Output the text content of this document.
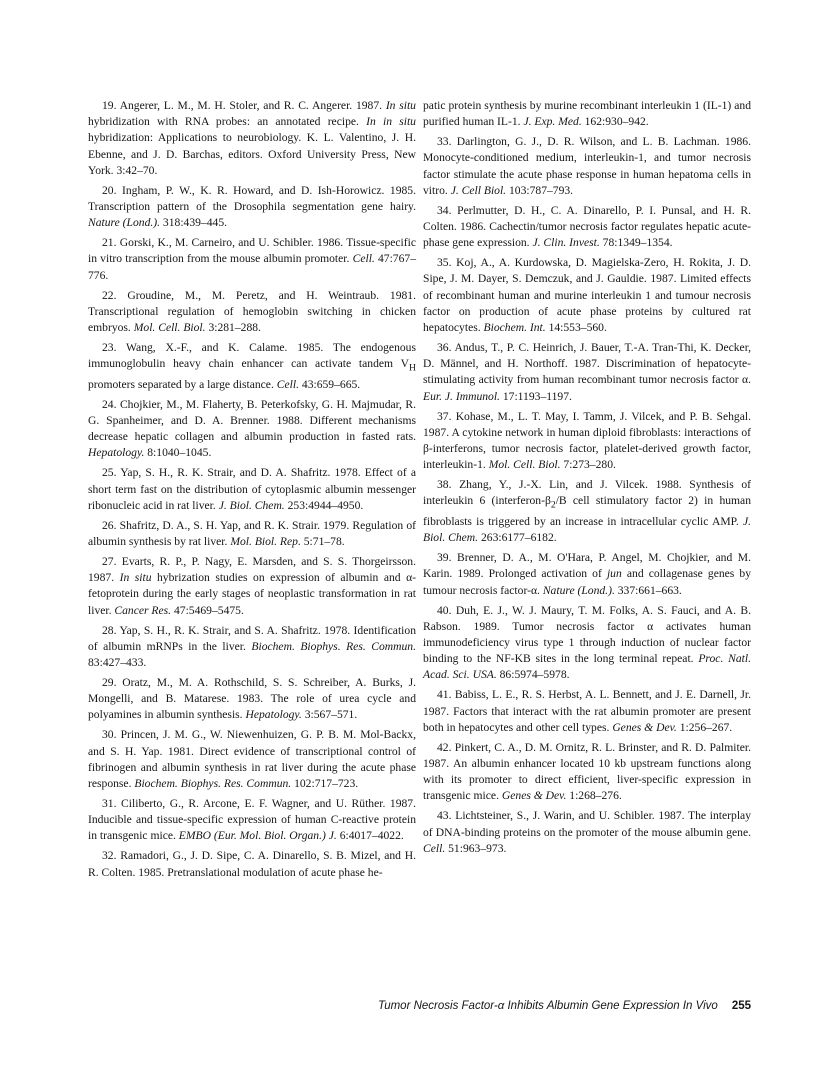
19. Angerer, L. M., M. H. Stoler, and R. C. Angerer. 1987. In situ hybridization with RNA probes: an annotated recipe. In in situ hybridization: Applications to neurobiology. K. L. Valentino, J. H. Ebenne, and J. D. Barchas, editors. Oxford University Press, New York. 3:42–70.

20. Ingham, P. W., K. R. Howard, and D. Ish-Horowicz. 1985. Transcription pattern of the Drosophila segmentation gene hairy. Nature (Lond.). 318:439–445.

21. Gorski, K., M. Carneiro, and U. Schibler. 1986. Tissue-specific in vitro transcription from the mouse albumin promoter. Cell. 47:767–776.

22. Groudine, M., M. Peretz, and H. Weintraub. 1981. Transcriptional regulation of hemoglobin switching in chicken embryos. Mol. Cell. Biol. 3:281–288.

23. Wang, X.-F., and K. Calame. 1985. The endogenous immunoglobulin heavy chain enhancer can activate tandem $V_H$ promoters separated by a large distance. Cell. 43:659–665.

24. Chojkier, M., M. Flaherty, B. Peterkofsky, G. H. Majmudar, R. G. Spanheimer, and D. A. Brenner. 1988. Different mechanisms decrease hepatic collagen and albumin production in fasted rats. Hepatology. 8:1040–1045.

25. Yap, S. H., R. K. Strair, and D. A. Shafritz. 1978. Effect of a short term fast on the distribution of cytoplasmic albumin messenger ribonucleic acid in rat liver. J. Biol. Chem. 253:4944–4950.

26. Shafritz, D. A., S. H. Yap, and R. K. Strair. 1979. Regulation of albumin synthesis by rat liver. Mol. Biol. Rep. 5:71–78.

27. Evarts, R. P., P. Nagy, E. Marsden, and S. S. Thorgeirsson. 1987. In situ hybrization studies on expression of albumin and α-fetoprotein during the early stages of neoplastic transformation in rat liver. Cancer Res. 47:5469–5475.

28. Yap, S. H., R. K. Strair, and S. A. Shafritz. 1978. Identification of albumin mRNPs in the liver. Biochem. Biophys. Res. Commun. 83:427–433.

29. Oratz, M., M. A. Rothschild, S. S. Schreiber, A. Burks, J. Mongelli, and B. Matarese. 1983. The role of urea cycle and polyamines in albumin synthesis. Hepatology. 3:567–571.

30. Princen, J. M. G., W. Niewenhuizen, G. P. B. M. Mol-Backx, and S. H. Yap. 1981. Direct evidence of transcriptional control of fibrinogen and albumin synthesis in rat liver during the acute phase response. Biochem. Biophys. Res. Commun. 102:717–723.

31. Ciliberto, G., R. Arcone, E. F. Wagner, and U. Rüther. 1987. Inducible and tissue-specific expression of human C-reactive protein in transgenic mice. EMBO (Eur. Mol. Biol. Organ.) J. 6:4017–4022.

32. Ramadori, G., J. D. Sipe, C. A. Dinarello, S. B. Mizel, and H. R. Colten. 1985. Pretranslational modulation of acute phase he-

patic protein synthesis by murine recombinant interleukin 1 (IL-1) and purified human IL-1. J. Exp. Med. 162:930–942.

33. Darlington, G. J., D. R. Wilson, and L. B. Lachman. 1986. Monocyte-conditioned medium, interleukin-1, and tumor necrosis factor stimulate the acute phase response in human hepatoma cells in vitro. J. Cell Biol. 103:787–793.

34. Perlmutter, D. H., C. A. Dinarello, P. I. Punsal, and H. R. Colten. 1986. Cachectin/tumor necrosis factor regulates hepatic acute-phase gene expression. J. Clin. Invest. 78:1349–1354.

35. Koj, A., A. Kurdowska, D. Magielska-Zero, H. Rokita, J. D. Sipe, J. M. Dayer, S. Demczuk, and J. Gauldie. 1987. Limited effects of recombinant human and murine interleukin 1 and tumour necrosis factor on production of acute phase proteins by cultured rat hepatocytes. Biochem. Int. 14:553–560.

36. Andus, T., P. C. Heinrich, J. Bauer, T.-A. Tran-Thi, K. Decker, D. Männel, and H. Northoff. 1987. Discrimination of hepatocyte-stimulating activity from human recombinant tumor necrosis factor α. Eur. J. Immunol. 17:1193–1197.

37. Kohase, M., L. T. May, I. Tamm, J. Vilcek, and P. B. Sehgal. 1987. A cytokine network in human diploid fibroblasts: interactions of β-interferons, tumor necrosis factor, platelet-derived growth factor, interleukin-1. Mol. Cell. Biol. 7:273–280.

38. Zhang, Y., J.-X. Lin, and J. Vilcek. 1988. Synthesis of interleukin 6 ($interferon-\beta_2/B$ cell stimulatory factor 2) in human fibroblasts is triggered by an increase in intracellular cyclic AMP. J. Biol. Chem. 263:6177–6182.

39. Brenner, D. A., M. O'Hara, P. Angel, M. Chojkier, and M. Karin. 1989. Prolonged activation of jun and collagenase genes by tumour necrosis factor-α. Nature (Lond.). 337:661–663.

40. Duh, E. J., W. J. Maury, T. M. Folks, A. S. Fauci, and A. B. Rabson. 1989. Tumor necrosis factor α activates human immunodeficiency virus type 1 through induction of nuclear factor binding to the NF-KB sites in the long terminal repeat. Proc. Natl. Acad. Sci. USA. 86:5974–5978.

41. Babiss, L. E., R. S. Herbst, A. L. Bennett, and J. E. Darnell, Jr. 1987. Factors that interact with the rat albumin promoter are present both in hepatocytes and other cell types. Genes & Dev. 1:256–267.

42. Pinkert, C. A., D. M. Ornitz, R. L. Brinster, and R. D. Palmiter. 1987. An albumin enhancer located 10 kb upstream functions along with its promoter to direct efficient, liver-specific expression in transgenic mice. Genes & Dev. 1:268–276.

43. Lichtsteiner, S., J. Warin, and U. Schibler. 1987. The interplay of DNA-binding proteins on the promoter of the mouse albumin gene. Cell. 51:963–973.

Tumor Necrosis Factor-α Inhibits Albumin Gene Expression In Vivo 255
